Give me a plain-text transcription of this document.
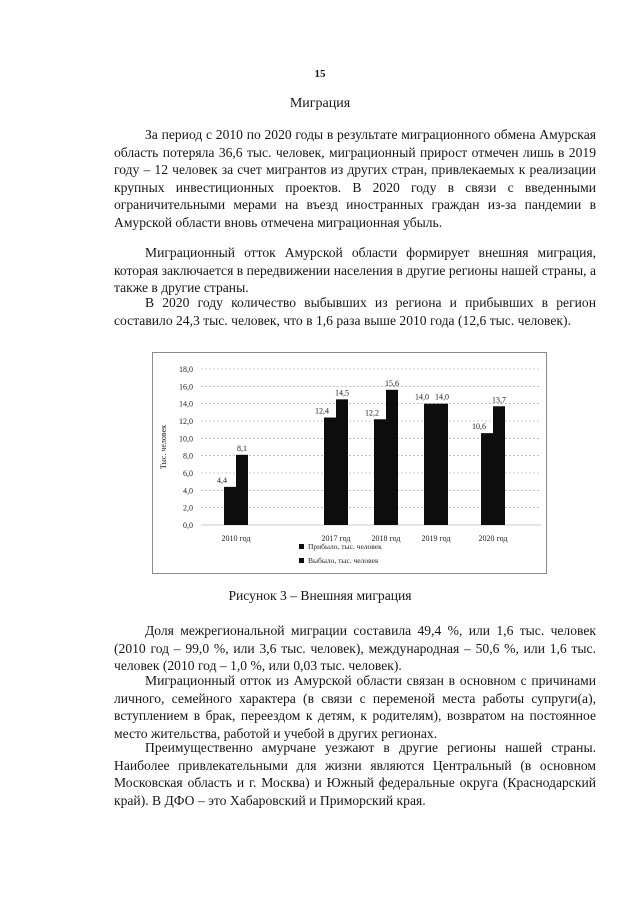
15
Миграция

За период с 2010 по 2020 годы в результате миграционного обмена Амурская область потеряла 36,6 тыс. человек, миграционный прирост отмечен лишь в 2019 году – 12 человек за счет мигрантов из других стран, привлекаемых к реализации крупных инвестиционных проектов. В 2020 году в связи с введенными ограничительными мерами на въезд иностранных граждан из-за пандемии в Амурской области вновь отмечена миграционная убыль.

Миграционный отток Амурской области формирует внешняя миграция, которая заключается в передвижении населения в другие регионы нашей страны, а также в другие страны.

В 2020 году количество выбывших из региона и прибывших в регион составило 24,3 тыс. человек, что в 1,6 раза выше 2010 года (12,6 тыс. человек).

0,0
2,0
4,0
6,0
8,0
10,0
12,0
14,0
16,0
18,0
Тыс. человек
4,4
8,1
2010 год
12,4
14,5
2017 год
12,2
15,6
2018 год
14,0 14,0
2019 год
10,6
13,7
2020 год
Прибыло, тыс. человек
Выбыло, тыс. человек
Рисунок 3 – Внешняя миграция

Доля межрегиональной миграции составила 49,4 %, или 1,6 тыс. человек (2010 год – 99,0 %, или 3,6 тыс. человек), международная – 50,6 %, или 1,6 тыс. человек (2010 год – 1,0 %, или 0,03 тыс. человек).

Миграционный отток из Амурской области связан в основном с причинами личного, семейного характера (в связи с переменой места работы супруги(а), вступлением в брак, переездом к детям, к родителям), возвратом на постоянное место жительства, работой и учебой в других регионах.

Преимущественно амурчане уезжают в другие регионы нашей страны. Наиболее привлекательными для жизни являются Центральный (в основном Московская область и г. Москва) и Южный федеральные округа (Краснодарский край). В ДФО – это Хабаровский и Приморский края.
